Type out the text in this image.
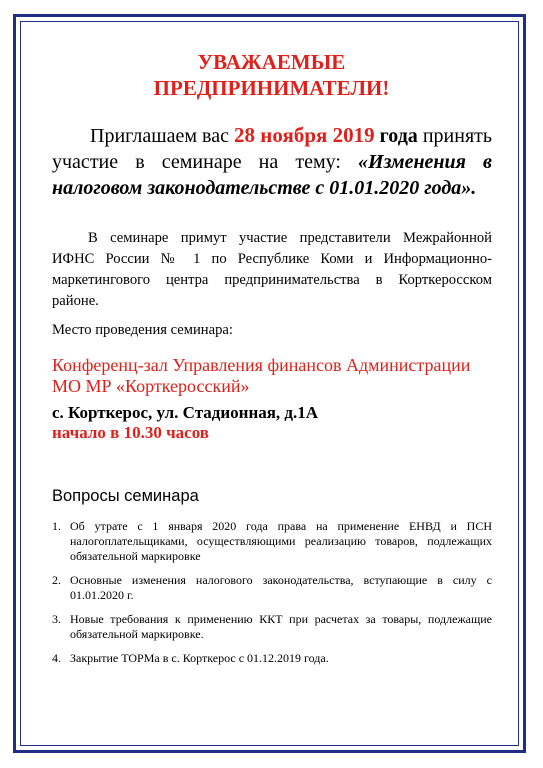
УВАЖАЕМЫЕ
ПРЕДПРИНИМАТЕЛИ!
Приглашаем вас 28 ноября 2019 года принять участие в семинаре на тему: «Изменения в налоговом законодательстве с 01.01.2020 года».
В семинаре примут участие представители Межрайонной ИФНС России № 1 по Республике Коми и Информационно-маркетингового центра предпринимательства в Корткеросском районе.
Место проведения семинара:
Конференц-зал Управления финансов Администрации МО МР «Корткеросский»
с. Корткерос, ул. Стадионная, д.1А
начало в 10.30 часов
Вопросы семинара
1. Об утрате с 1 января 2020 года права на применение ЕНВД и ПСН налогоплательщиками, осуществляющими реализацию товаров, подлежащих обязательной маркировке
2. Основные изменения налогового законодательства, вступающие в силу с 01.01.2020 г.
3. Новые требования к применению ККТ при расчетах за товары, подлежащие обязательной маркировке.
4. Закрытие ТОРМа в с. Корткерос с 01.12.2019 года.
